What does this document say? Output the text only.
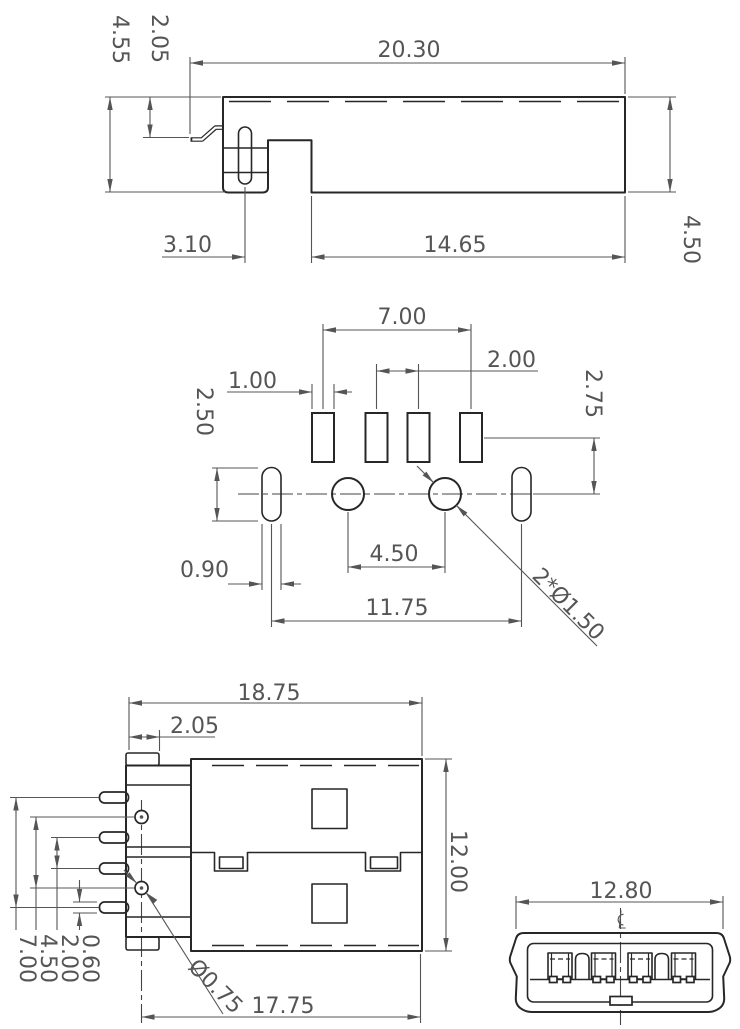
20.30
4.55 2.05
3.10	14.65	4.50
7.00
2.00
1.00
2.50	2.75
4.50
0.90
11.75	2*Ø1.50
18.75
2.05
12.00
17.75
7.00
4.50
2.00
0.60	Ø0.75
12.80
